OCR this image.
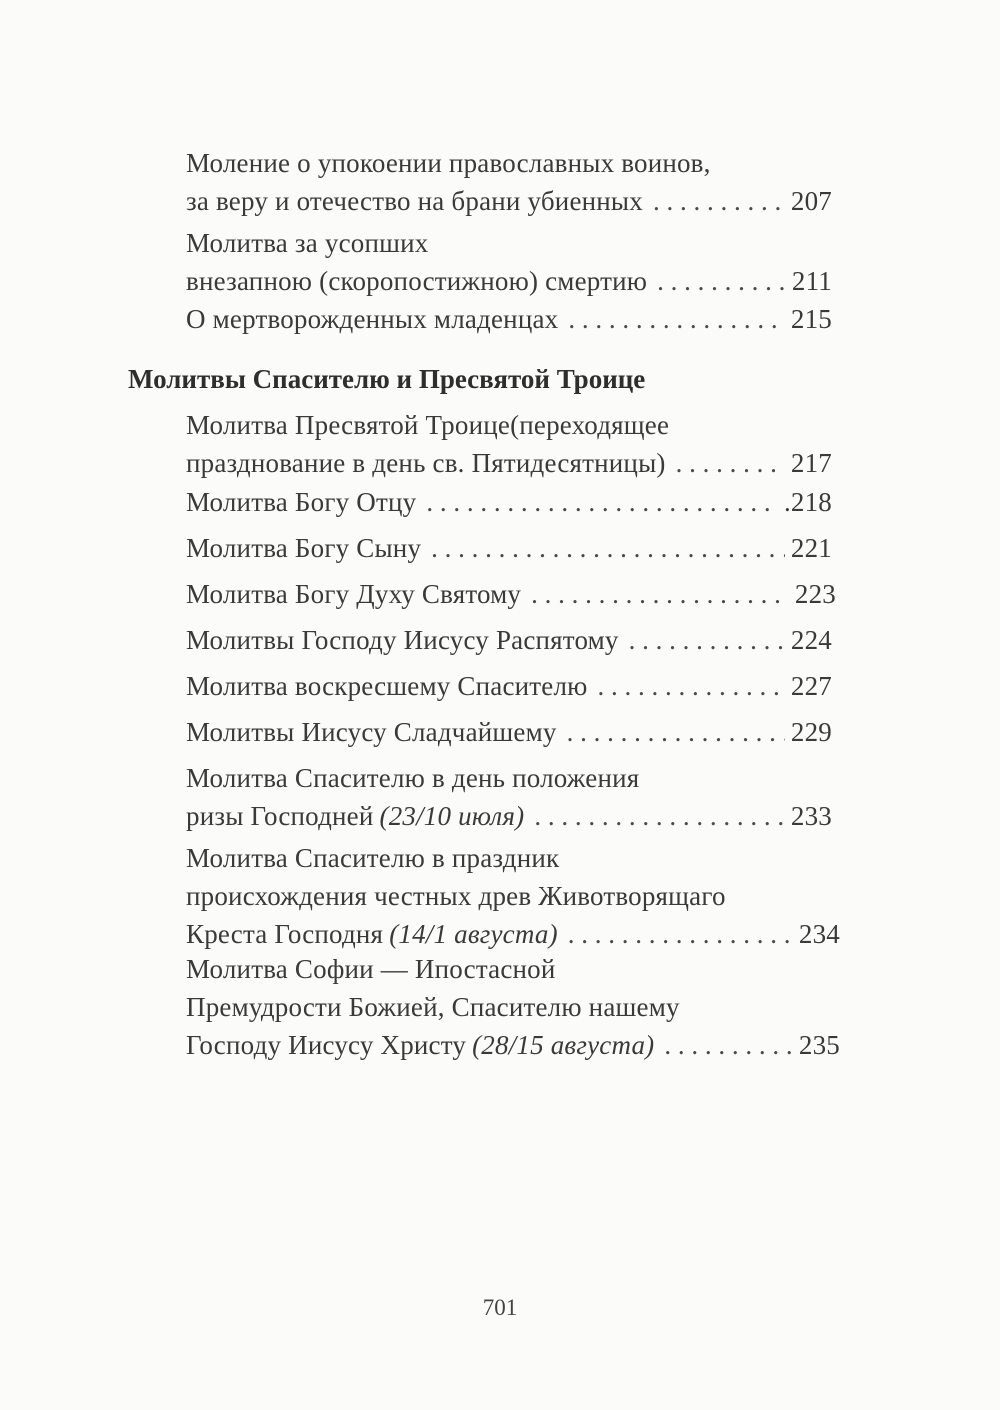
Моление о упокоении православных воинов,
за веру и отечество на брани убиенных . . .	207
Молитва за усопших
внезапною (скоропостижною) смертию . . .	211
О мертворожденных младенцах . . .	215
Молитвы Спасителю и Пресвятой Троице
Молитва Пресвятой Троице(переходящее
празднование в день св. Пятидесятницы) . . .	217
Молитва Богу Отцу . . .	.218
Молитва Богу Сыну . . .	221
Молитва Богу Духу Святому . . .	223
Молитвы Господу Иисусу Распятому . . .	224
Молитва воскресшему Спасителю . . .	227
Молитвы Иисусу Сладчайшему . . .	229
Молитва Спасителю в день положения
ризы Господней (23/10 июля) . . .	233
Молитва Спасителю в праздник
происхождения честных древ Животворящаго
Креста Господня (14/1 августа) . . .	234
Молитва Софии — Ипостасной
Премудрости Божией, Спасителю нашему
Господу Иисусу Христу (28/15 августа) . . .	235
701
